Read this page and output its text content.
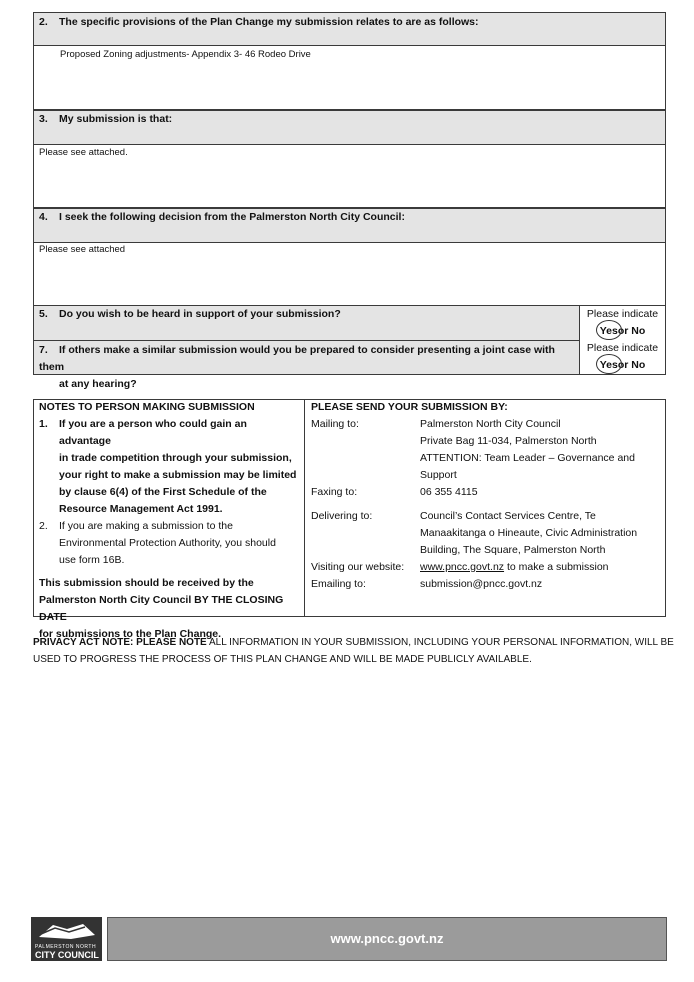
2. The specific provisions of the Plan Change my submission relates to are as follows:
Proposed Zoning adjustments- Appendix 3- 46 Rodeo Drive
3. My submission is that:
Please see attached.
4. I seek the following decision from the Palmerston North City Council:
Please see attached
5. Do you wish to be heard in support of your submission?	Please indicate
Yesor No
7. If others make a similar submission would you be prepared to consider presenting a joint case with them
at any hearing?
Please indicate
Yesor No
NOTES TO PERSON MAKING SUBMISSION
1.	If you are a person who could gain an advantage
in trade competition through your submission,
your right to make a submission may be limited
by clause 6(4) of the First Schedule of the
Resource Management Act 1991.
2.	If you are making a submission to the
Environmental Protection Authority, you should
use form 16B.
This submission should be received by the
Palmerston North City Council BY THE CLOSING DATE
for submissions to the Plan Change.
PLEASE SEND YOUR SUBMISSION BY:
Mailing to:	Palmerston North City Council
Private Bag 11-034, Palmerston North
ATTENTION: Team Leader – Governance and
Support
Faxing to:	06 355 4115
Delivering to:	Council’s Contact Services Centre, Te
Manaakitanga o Hineaute, Civic Administration
Building, The Square, Palmerston North
Visiting our website: www.pncc.govt.nz to make a submission
Emailing to:	submission@pncc.govt.nz
PRIVACY ACT NOTE: PLEASE NOTE ALL INFORMATION IN YOUR SUBMISSION, INCLUDING YOUR PERSONAL INFORMATION, WILL BE
USED TO PROGRESS THE PROCESS OF THIS PLAN CHANGE AND WILL BE MADE PUBLICLY AVAILABLE.
PALMERSTON NORTH
CITY COUNCIL
www.pncc.govt.nz
